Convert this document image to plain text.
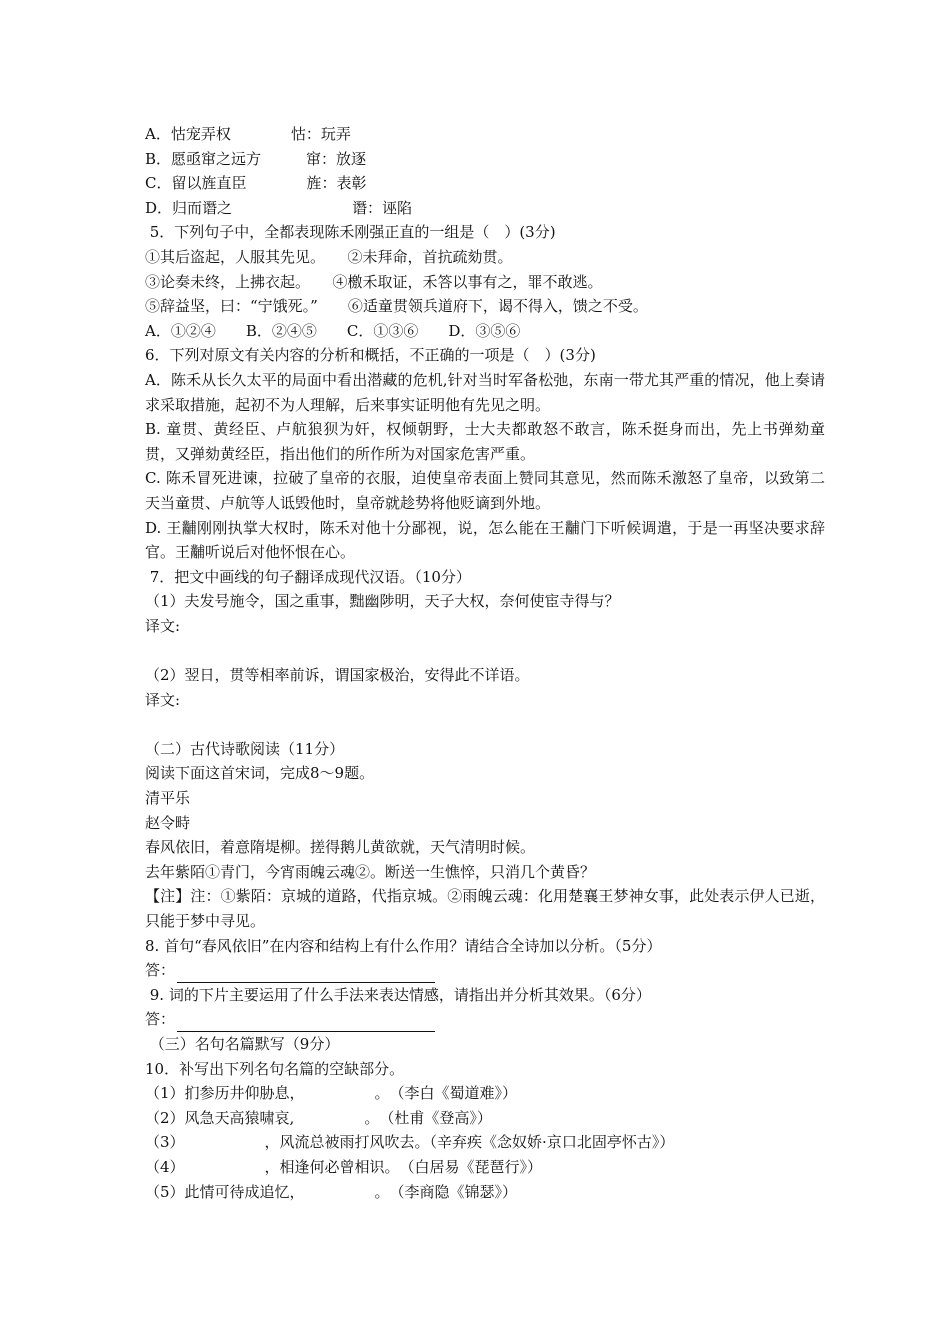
A．怙宠弄权　　　　怙：玩弄
B．愿亟窜之远方　　　窜：放逐
C．留以旌直臣　　　　旌：表彰
D．归而谮之　　　　　　　　谮：诬陷
5．下列句子中，全都表现陈禾刚强正直的一组是（　）(3分)
①其后盗起，人服其先见。　　②未拜命，首抗疏劾贯。
③论奏未终，上拂衣起。　　④檄禾取证，禾答以事有之，罪不敢逃。
⑤辞益坚，曰：“宁饿死。”　　⑥适童贯领兵道府下，谒不得入，馈之不受。
A．①②④　　B．②④⑤　　C．①③⑥　　D．③⑤⑥
6．下列对原文有关内容的分析和概括，不正确的一项是（　）(3分)
A．陈禾从长久太平的局面中看出潜藏的危机,针对当时军备松弛，东南一带尤其严重的情况，他上奏请求采取措施，起初不为人理解，后来事实证明他有先见之明。
B. 童贯、黄经臣、卢航狼狈为奸，权倾朝野，士大夫都敢怒不敢言，陈禾挺身而出，先上书弹劾童贯，又弹劾黄经臣，指出他们的所作所为对国家危害严重。
C. 陈禾冒死进谏，拉破了皇帝的衣服，迫使皇帝表面上赞同其意见，然而陈禾激怒了皇帝，以致第二天当童贯、卢航等人诋毁他时，皇帝就趁势将他贬谪到外地。
D. 王黼刚刚执掌大权时，陈禾对他十分鄙视，说，怎么能在王黼门下听候调遣，于是一再坚决要求辞官。王黼听说后对他怀恨在心。
7．把文中画线的句子翻译成现代汉语。（10分）
（1）夫发号施令，国之重事，黜幽陟明，天子大权，奈何使宦寺得与？
译文:
（2）翌日，贯等相率前诉，谓国家极治，安得此不详语。
译文:
（二）古代诗歌阅读（11分）
阅读下面这首宋词，完成8～9题。
清平乐
赵令畤
春风依旧，着意隋堤柳。搓得鹅儿黄欲就，天气清明时候。
去年紫陌①青门，今宵雨魄云魂②。断送一生憔悴，只消几个黄昏？
【注】注：①紫陌：京城的道路，代指京城。②雨魄云魂：化用楚襄王梦神女事，此处表示伊人已逝，只能于梦中寻见。
8. 首句“春风依旧”在内容和结构上有什么作用？请结合全诗加以分析。（5分）
答：
9. 词的下片主要运用了什么手法来表达情感，请指出并分析其效果。（6分）
答：
（三）名句名篇默写（9分）
10．补写出下列名句名篇的空缺部分。
（1）扪参历井仰胁息，	。　（李白《蜀道难》）
（2）风急天高猿啸哀,	。　（杜甫《登高》）
（3）	，风流总被雨打风吹去。（辛弃疾《念奴娇·京口北固亭怀古》）
（4）	，相逢何必曾相识。　（白居易《琵琶行》）
（5）此情可待成追忆，	。　（李商隐《锦瑟》）
